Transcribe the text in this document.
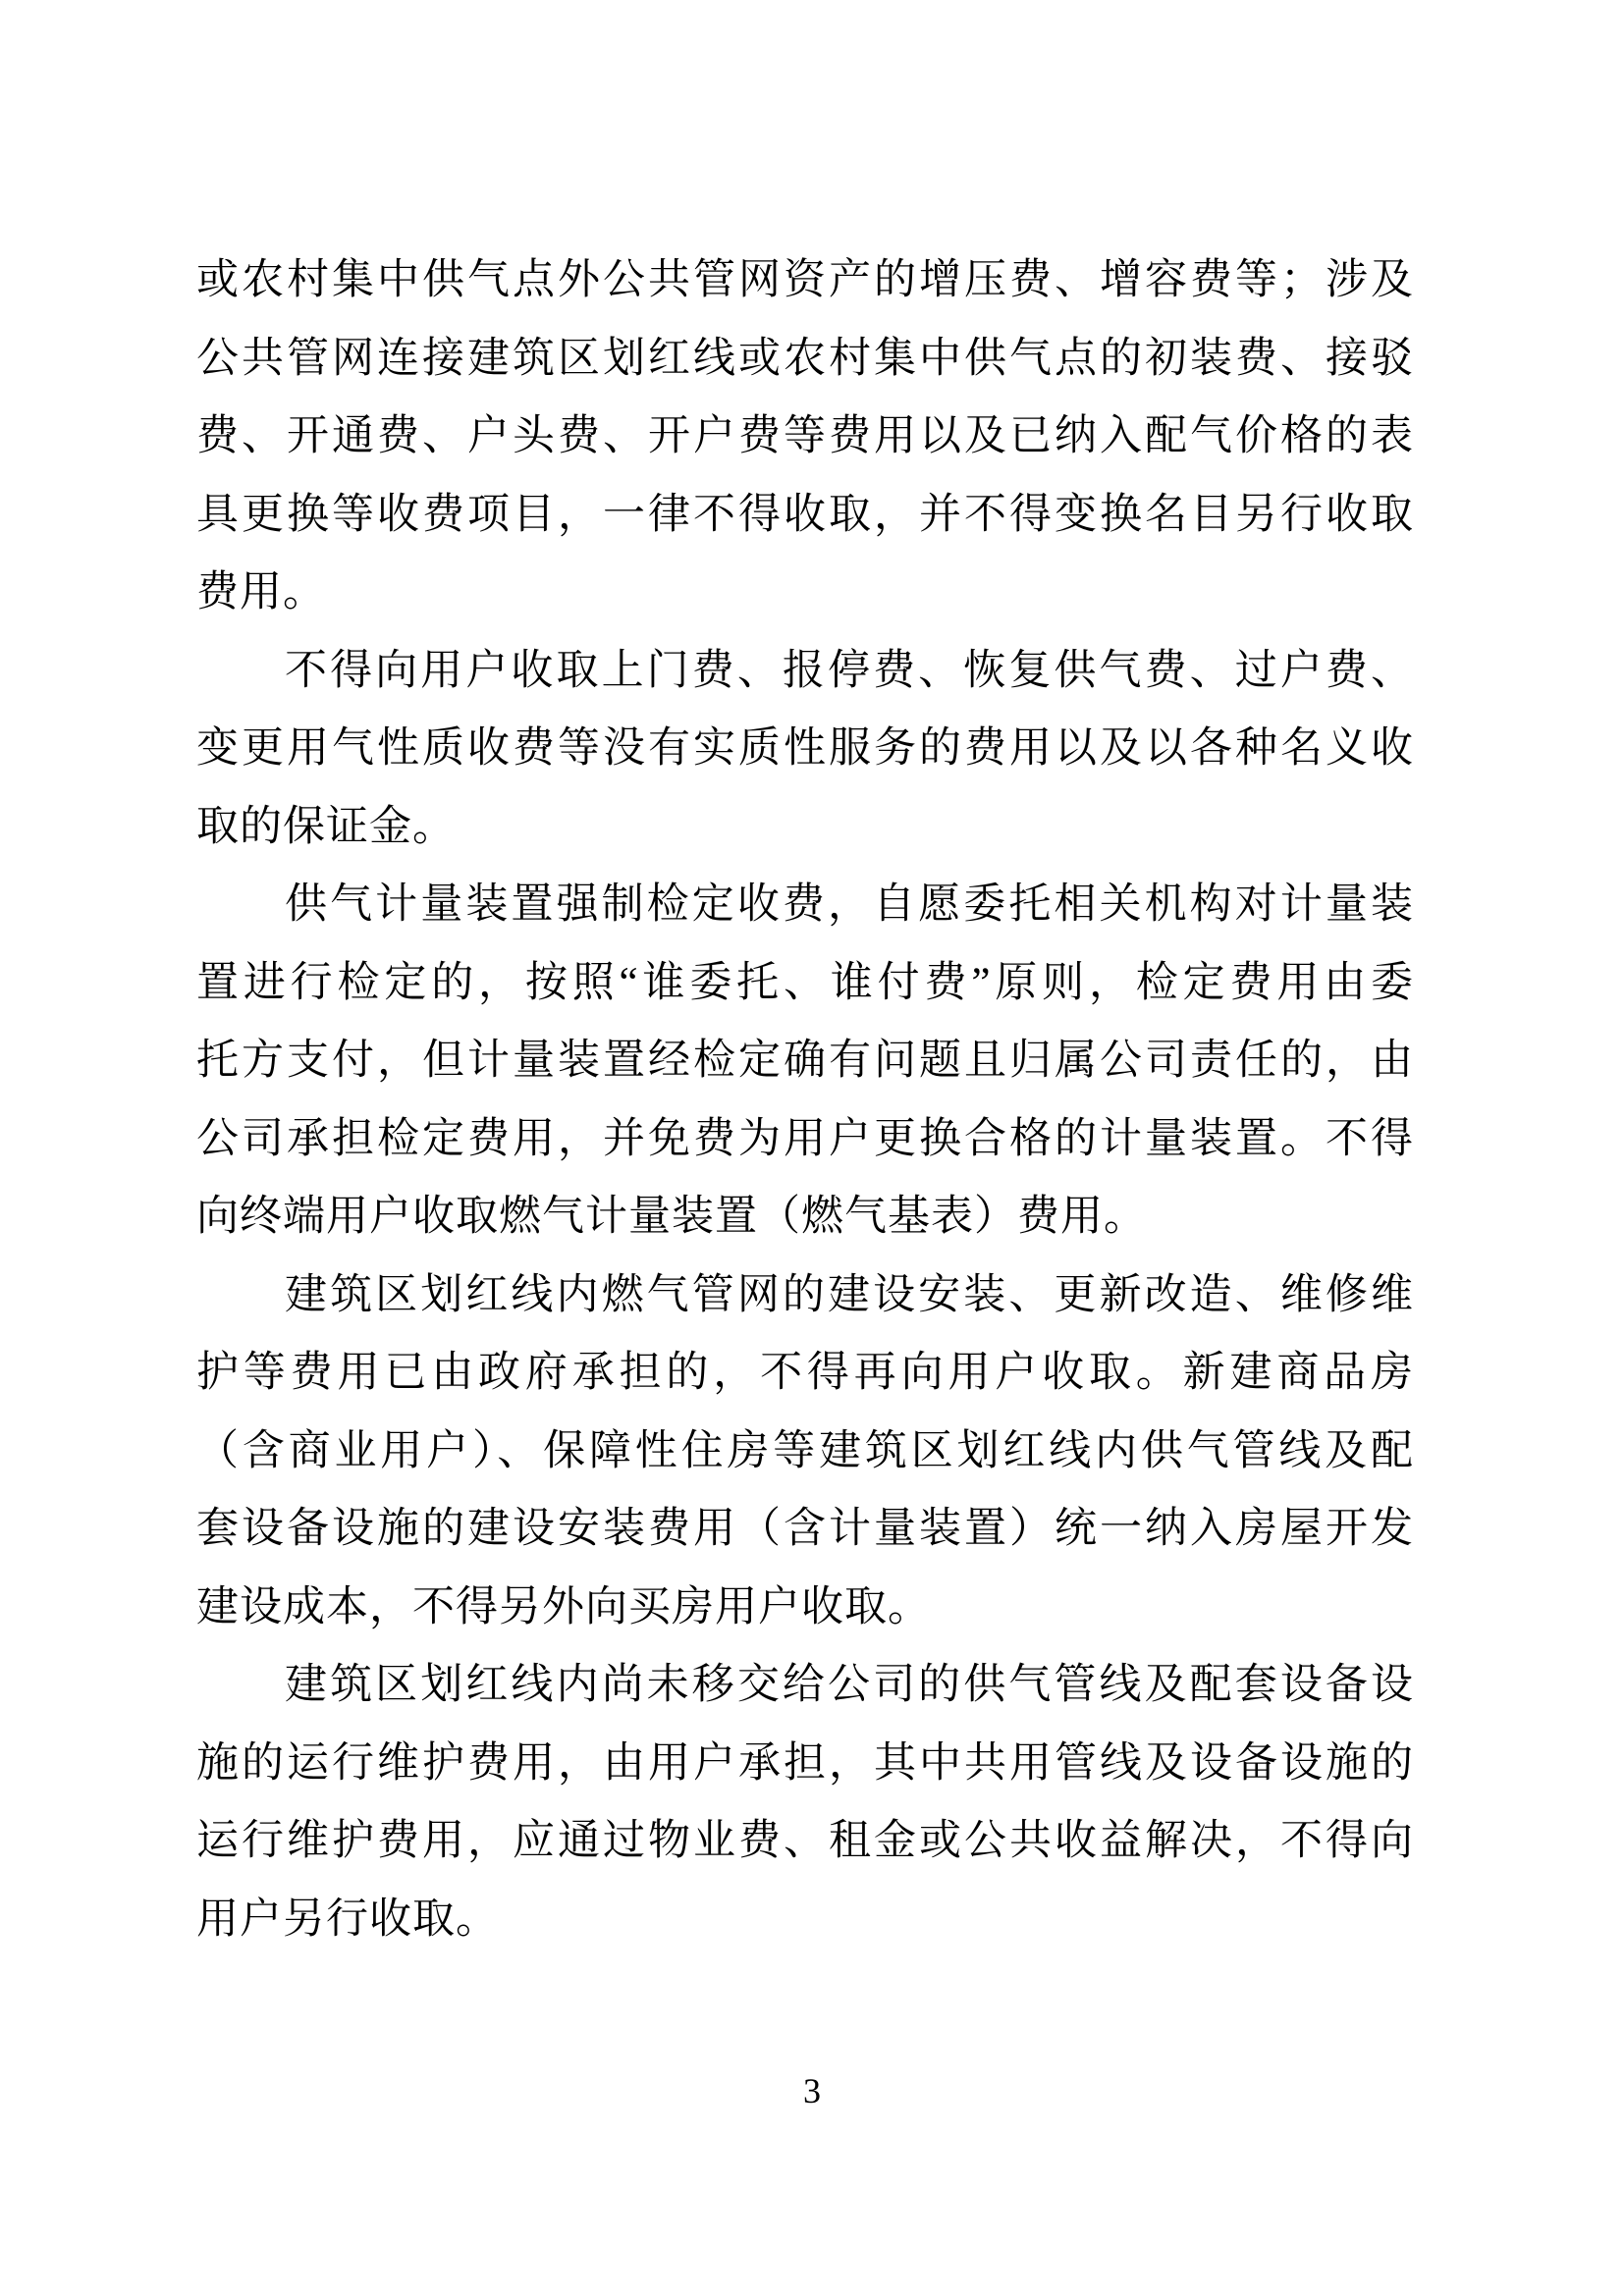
或农村集中供气点外公共管网资产的增压费、增容费等；涉及
公共管网连接建筑区划红线或农村集中供气点的初装费、接驳
费、开通费、户头费、开户费等费用以及已纳入配气价格的表
具更换等收费项目，一律不得收取，并不得变换名目另行收取
费用。
不得向用户收取上门费、报停费、恢复供气费、过户费、
变更用气性质收费等没有实质性服务的费用以及以各种名义收
取的保证金。
供气计量装置强制检定收费，自愿委托相关机构对计量装
置进行检定的，按照“谁委托、谁付费”原则，检定费用由委
托方支付，但计量装置经检定确有问题且归属公司责任的，由
公司承担检定费用，并免费为用户更换合格的计量装置。不得
向终端用户收取燃气计量装置（燃气基表）费用。
建筑区划红线内燃气管网的建设安装、更新改造、维修维
护等费用已由政府承担的，不得再向用户收取。新建商品房
（含商业用户）、保障性住房等建筑区划红线内供气管线及配
套设备设施的建设安装费用（含计量装置）统一纳入房屋开发
建设成本，不得另外向买房用户收取。
建筑区划红线内尚未移交给公司的供气管线及配套设备设
施的运行维护费用，由用户承担，其中共用管线及设备设施的
运行维护费用，应通过物业费、租金或公共收益解决，不得向
用户另行收取。
3
